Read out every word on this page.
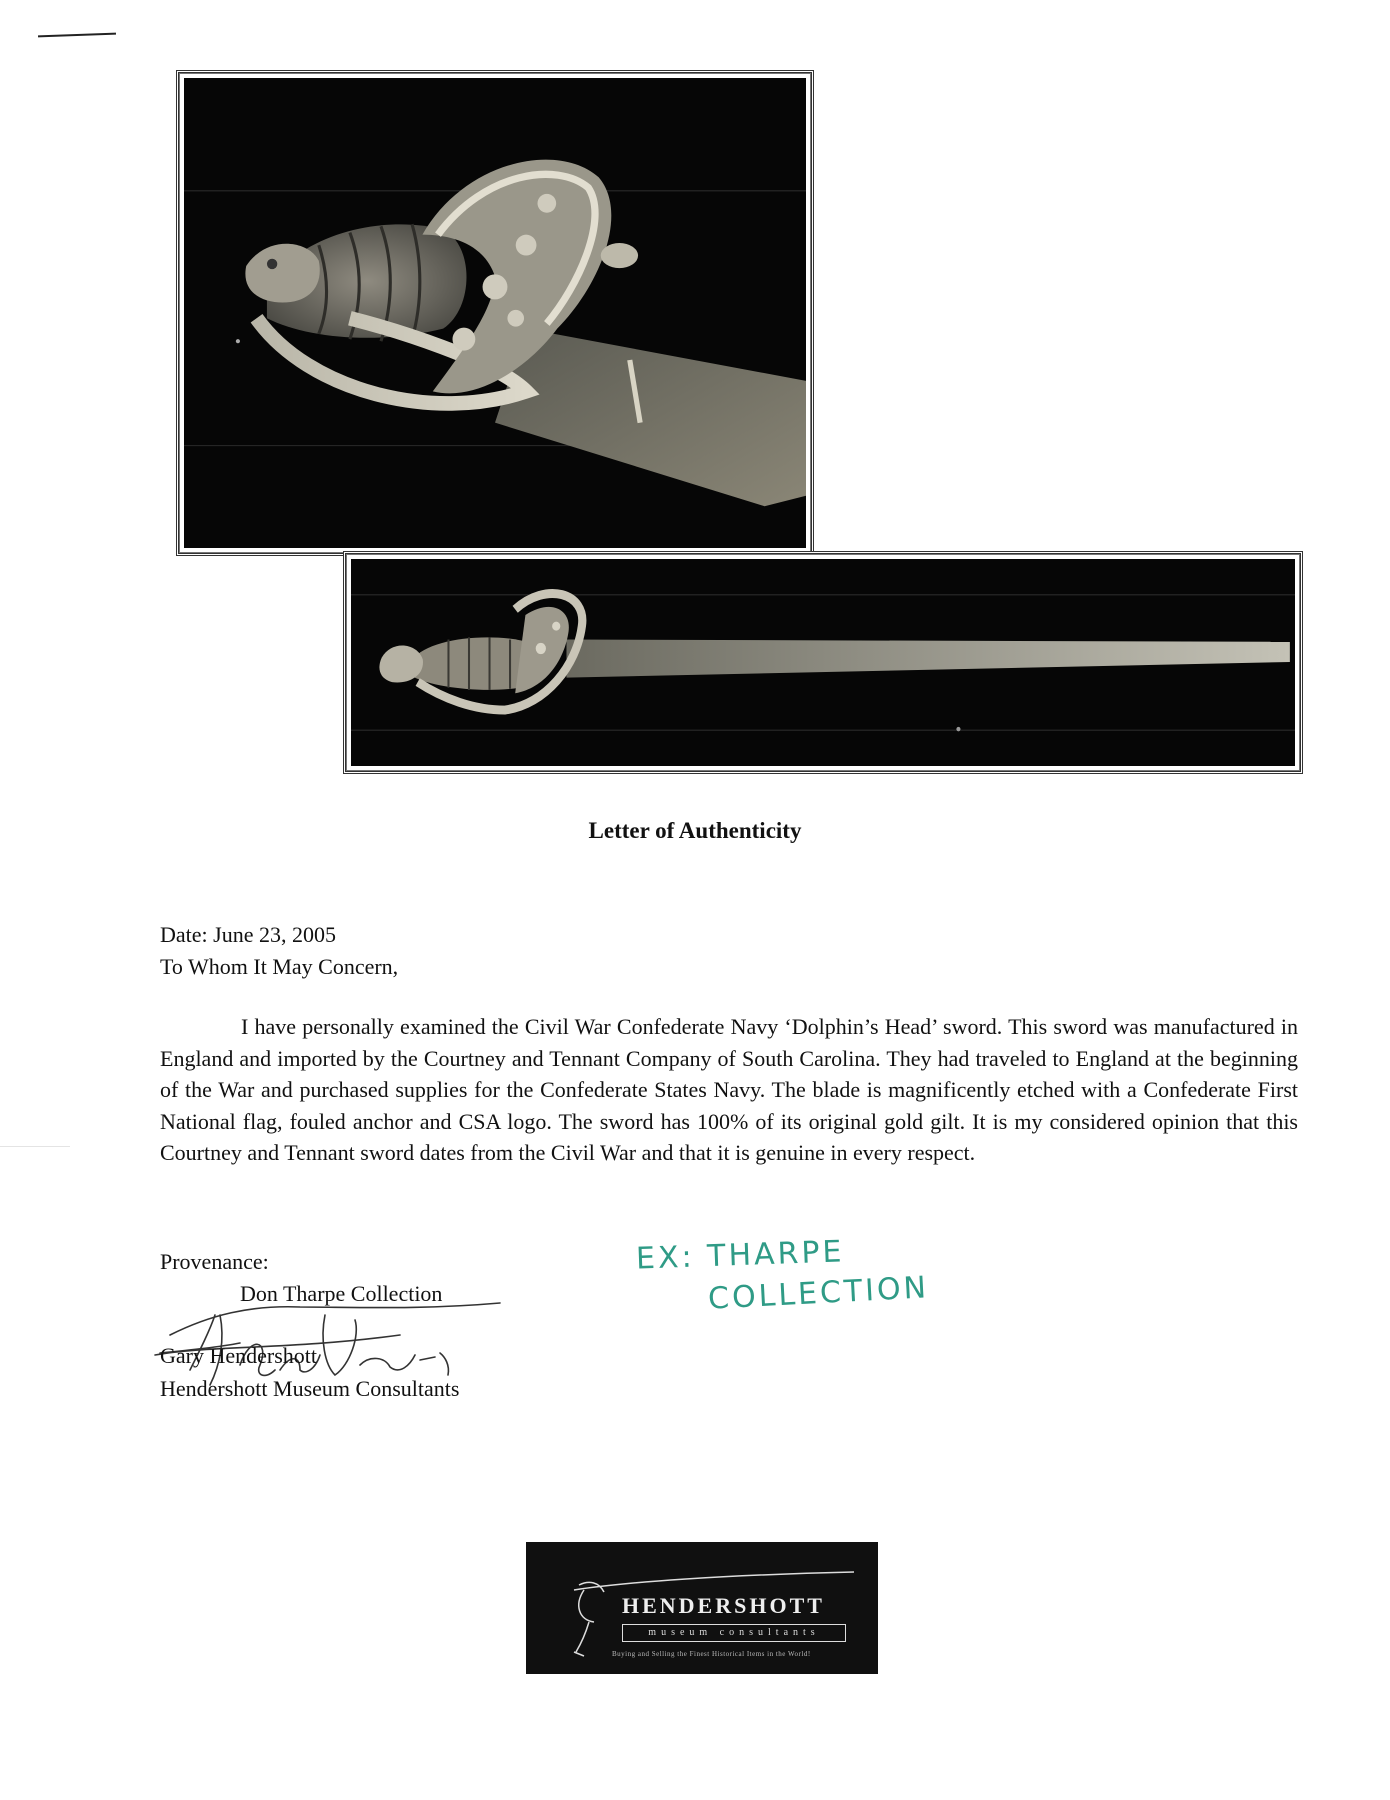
Letter of Authenticity
Date: June 23, 2005
To Whom It May Concern,
I have personally examined the Civil War Confederate Navy ‘Dolphin’s Head’ sword. This sword was manufactured in England and imported by the Courtney and Tennant Company of South Carolina. They had traveled to England at the beginning of the War and purchased supplies for the Confederate States Navy. The blade is magnificently etched with a Confederate First National flag, fouled anchor and CSA logo. The sword has 100% of its original gold gilt. It is my considered opinion that this Courtney and Tennant sword dates from the Civil War and that it is genuine in every respect.
Provenance:
Don Tharpe Collection
EX: THARPE
COLLECTION
Gary Hendershott
Hendershott Museum Consultants
HENDERSHOTT
museum consultants
Buying and Selling the Finest Historical Items in the World!
